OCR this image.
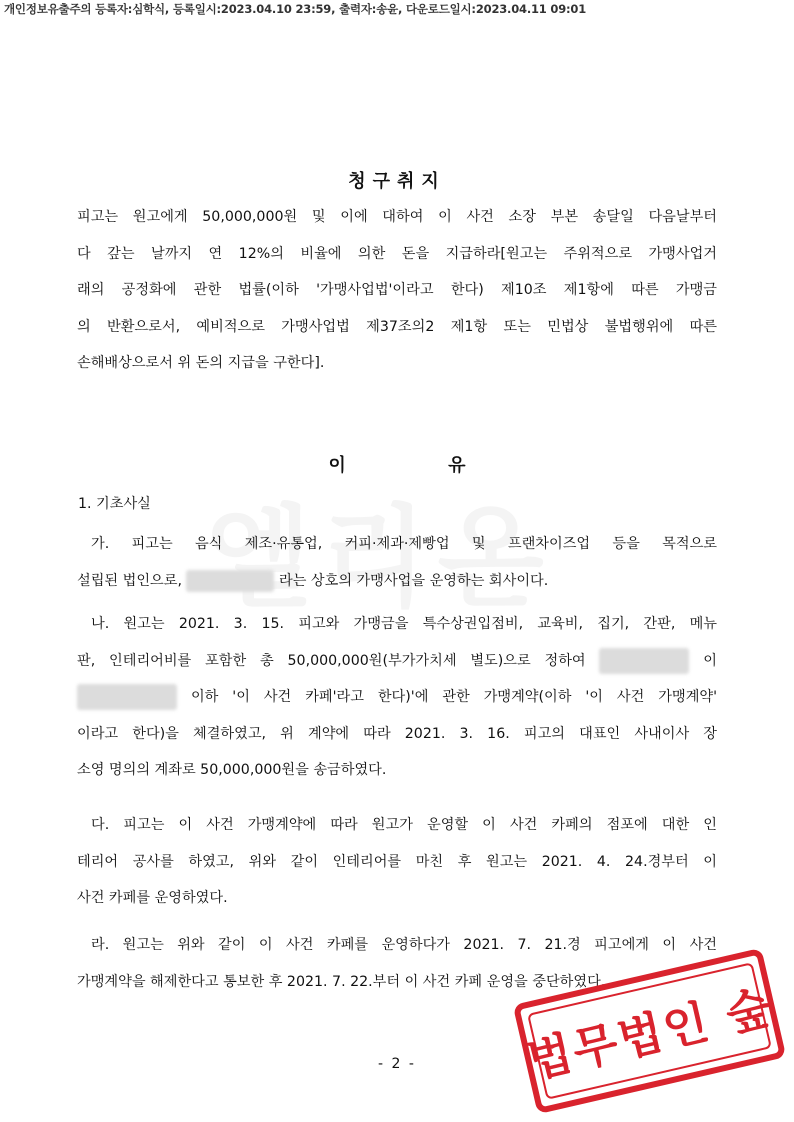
개인정보유출주의 등록자:심학식, 등록일시:2023.04.10 23:59, 출력자:송윤, 다운로드일시:2023.04.11 09:01
청구취지
피고는 원고에게 50,000,000원 및 이에 대하여 이 사건 소장 부본 송달일 다음날부터
다 갚는 날까지 연 12%의 비율에 의한 돈을 지급하라[원고는 주위적으로 가맹사업거
래의 공정화에 관한 법률(이하 '가맹사업법'이라고 한다) 제10조 제1항에 따른 가맹금
의 반환으로서, 예비적으로 가맹사업법 제37조의2 제1항 또는 민법상 불법행위에 따른
손해배상으로서 위 돈의 지급을 구한다].
이 유
1. 기초사실
가. 피고는 음식 제조·유통업, 커피·제과·제빵업 및 프랜차이즈업 등을 목적으로
설립된 법인으로,	라는 상호의 가맹사업을 운영하는 회사이다.
나. 원고는 2021. 3. 15. 피고와 가맹금을 특수상권입점비, 교육비, 집기, 간판, 메뉴
판, 인테리어비를 포함한 총 50,000,000원(부가가치세 별도)으로 정하여	이
이하 '이 사건 카페'라고 한다)'에 관한 가맹계약(이하 '이 사건 가맹계약'
이라고 한다)을 체결하였고, 위 계약에 따라 2021. 3. 16. 피고의 대표인 사내이사 장
소영 명의의 계좌로 50,000,000원을 송금하였다.
다. 피고는 이 사건 가맹계약에 따라 원고가 운영할 이 사건 카페의 점포에 대한 인
테리어 공사를 하였고, 위와 같이 인테리어를 마친 후 원고는 2021. 4. 24.경부터 이
사건 카페를 운영하였다.
라. 원고는 위와 같이 이 사건 카페를 운영하다가 2021. 7. 21.경 피고에게 이 사건
가맹계약을 해제한다고 통보한 후 2021. 7. 22.부터 이 사건 카페 운영을 중단하였다.
- 2 -	법무법인 숲
